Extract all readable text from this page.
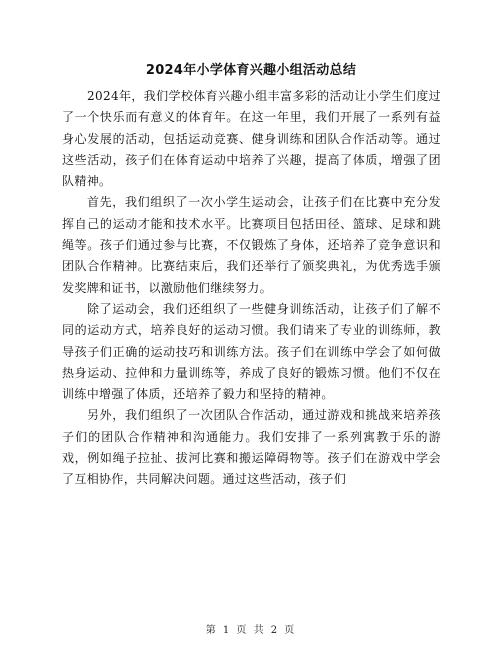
2024年小学体育兴趣小组活动总结

2024年，我们学校体育兴趣小组丰富多彩的活动让小学生们度过了一个快乐而有意义的体育年。在这一年里，我们开展了一系列有益身心发展的活动，包括运动竞赛、健身训练和团队合作活动等。通过这些活动，孩子们在体育运动中培养了兴趣，提高了体质，增强了团队精神。

首先，我们组织了一次小学生运动会，让孩子们在比赛中充分发挥自己的运动才能和技术水平。比赛项目包括田径、篮球、足球和跳绳等。孩子们通过参与比赛，不仅锻炼了身体，还培养了竞争意识和团队合作精神。比赛结束后，我们还举行了颁奖典礼，为优秀选手颁发奖牌和证书，以激励他们继续努力。

除了运动会，我们还组织了一些健身训练活动，让孩子们了解不同的运动方式，培养良好的运动习惯。我们请来了专业的训练师，教导孩子们正确的运动技巧和训练方法。孩子们在训练中学会了如何做热身运动、拉伸和力量训练等，养成了良好的锻炼习惯。他们不仅在训练中增强了体质，还培养了毅力和坚持的精神。

另外，我们组织了一次团队合作活动，通过游戏和挑战来培养孩子们的团队合作精神和沟通能力。我们安排了一系列寓教于乐的游戏，例如绳子拉扯、拔河比赛和搬运障碍物等。孩子们在游戏中学会了互相协作，共同解决问题。通过这些活动，孩子们

第 1 页 共 2 页
